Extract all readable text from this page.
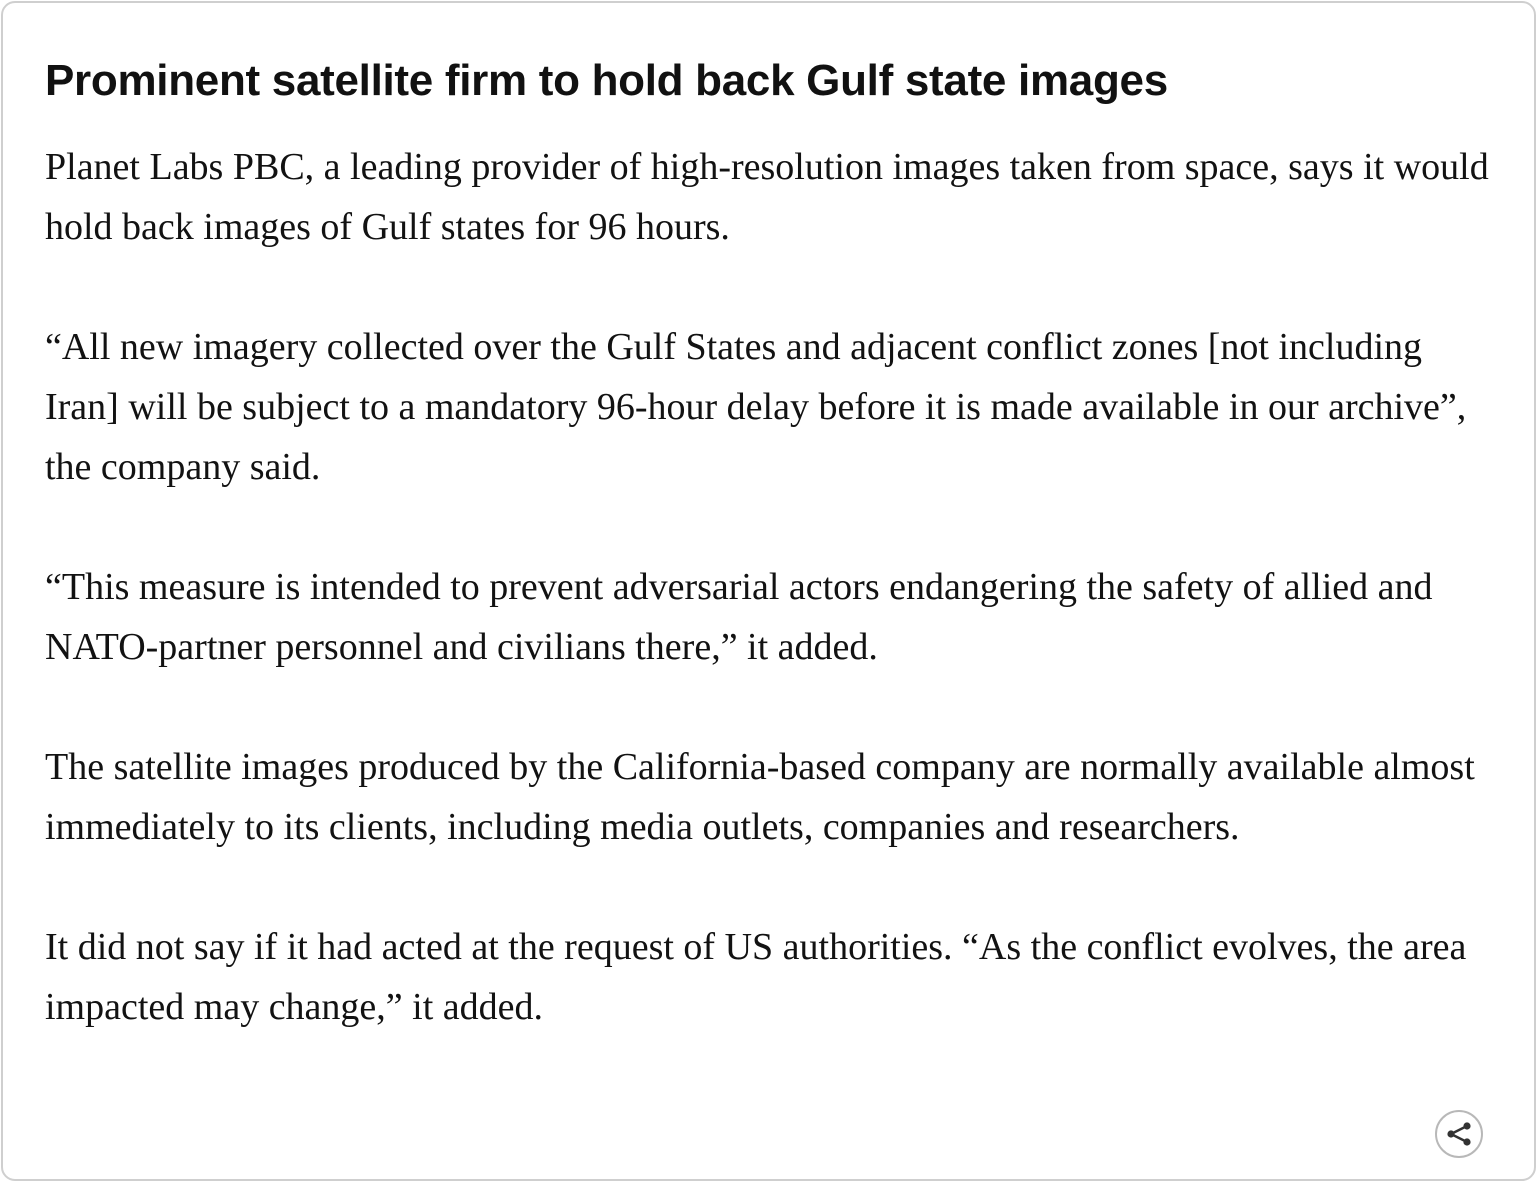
Prominent satellite firm to hold back Gulf state images

Planet Labs PBC, a leading provider of high-resolution images taken from space, says it would hold back images of Gulf states for 96 hours.

“All new imagery collected over the Gulf States and adjacent conflict zones [not including Iran] will be subject to a mandatory 96-hour delay before it is made available in our archive”, the company said.

“This measure is intended to prevent adversarial actors endangering the safety of allied and NATO-partner personnel and civilians there,” it added.

The satellite images produced by the California-based company are normally available almost immediately to its clients, including media outlets, companies and researchers.

It did not say if it had acted at the request of US authorities. “As the conflict evolves, the area impacted may change,” it added.
